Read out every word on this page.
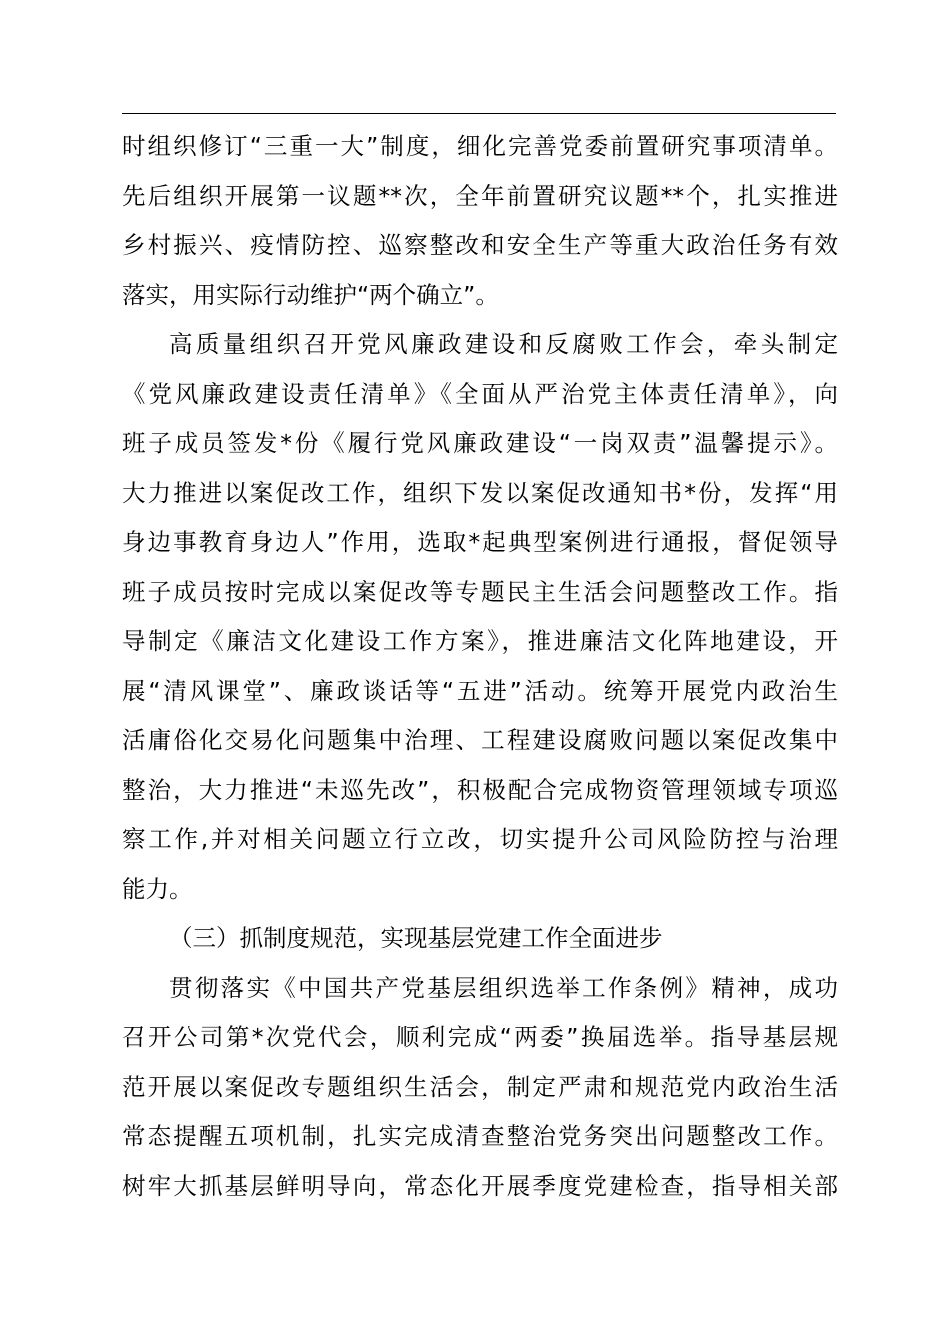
时组织修订“三重一大”制度，细化完善党委前置研究事项清单。
先后组织开展第一议题**次，全年前置研究议题**个，扎实推进
乡村振兴、疫情防控、巡察整改和安全生产等重大政治任务有效
落实，用实际行动维护“两个确立”。
高质量组织召开党风廉政建设和反腐败工作会，牵头制定
《党风廉政建设责任清单》《全面从严治党主体责任清单》，向
班子成员签发*份《履行党风廉政建设“一岗双责”温馨提示》。
大力推进以案促改工作，组织下发以案促改通知书*份，发挥“用
身边事教育身边人”作用，选取*起典型案例进行通报，督促领导
班子成员按时完成以案促改等专题民主生活会问题整改工作。指
导制定《廉洁文化建设工作方案》，推进廉洁文化阵地建设，开
展“清风课堂”、廉政谈话等“五进”活动。统筹开展党内政治生
活庸俗化交易化问题集中治理、工程建设腐败问题以案促改集中
整治，大力推进“未巡先改”，积极配合完成物资管理领域专项巡
察工作,并对相关问题立行立改，切实提升公司风险防控与治理
能力。
（三）抓制度规范，实现基层党建工作全面进步
贯彻落实《中国共产党基层组织选举工作条例》精神，成功
召开公司第*次党代会，顺利完成“两委”换届选举。指导基层规
范开展以案促改专题组织生活会，制定严肃和规范党内政治生活
常态提醒五项机制，扎实完成清查整治党务突出问题整改工作。
树牢大抓基层鲜明导向，常态化开展季度党建检查，指导相关部
